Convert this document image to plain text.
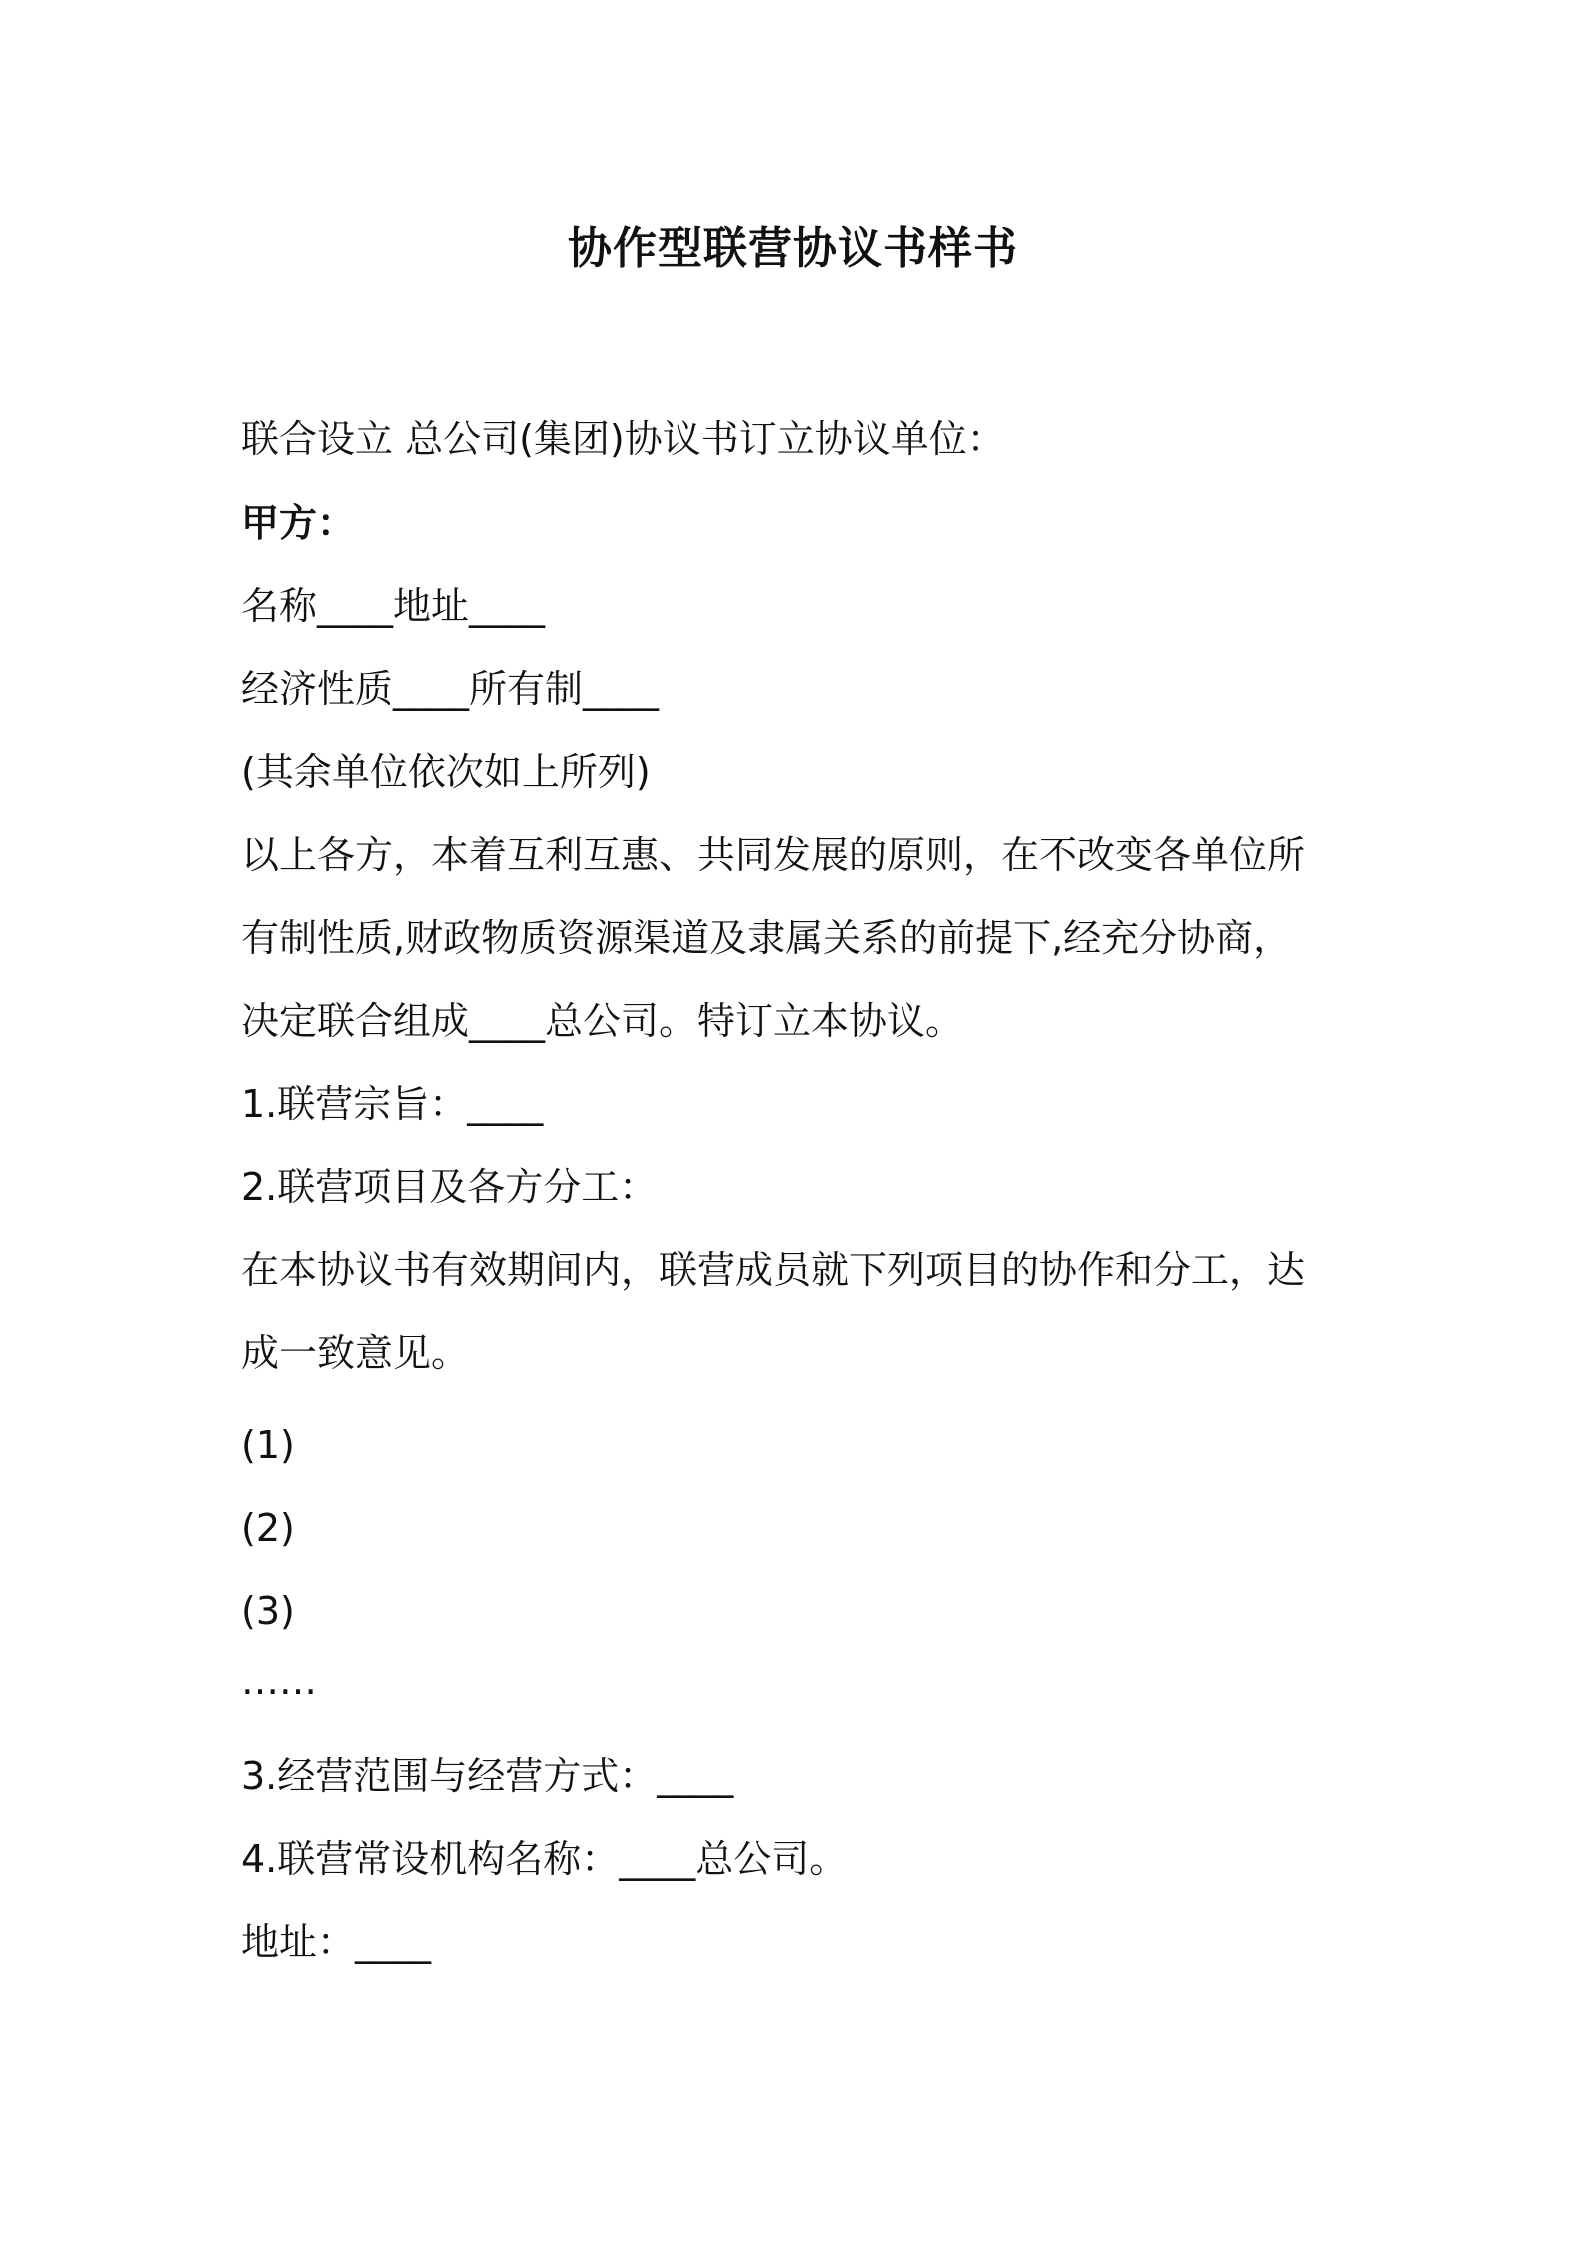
协作型联营协议书样书
联合设立 总公司(集团)协议书订立协议单位：
甲方：
名称____地址____
经济性质____所有制____
(其余单位依次如上所列)
以上各方，本着互利互惠、共同发展的原则，在不改变各单位所
有制性质,财政物质资源渠道及隶属关系的前提下,经充分协商，
决定联合组成____总公司。特订立本协议。
1.联营宗旨：____
2.联营项目及各方分工：
在本协议书有效期间内，联营成员就下列项目的协作和分工，达
成一致意见。
(1)
(2)
(3)
……
3.经营范围与经营方式：____
4.联营常设机构名称：____总公司。
地址：____
